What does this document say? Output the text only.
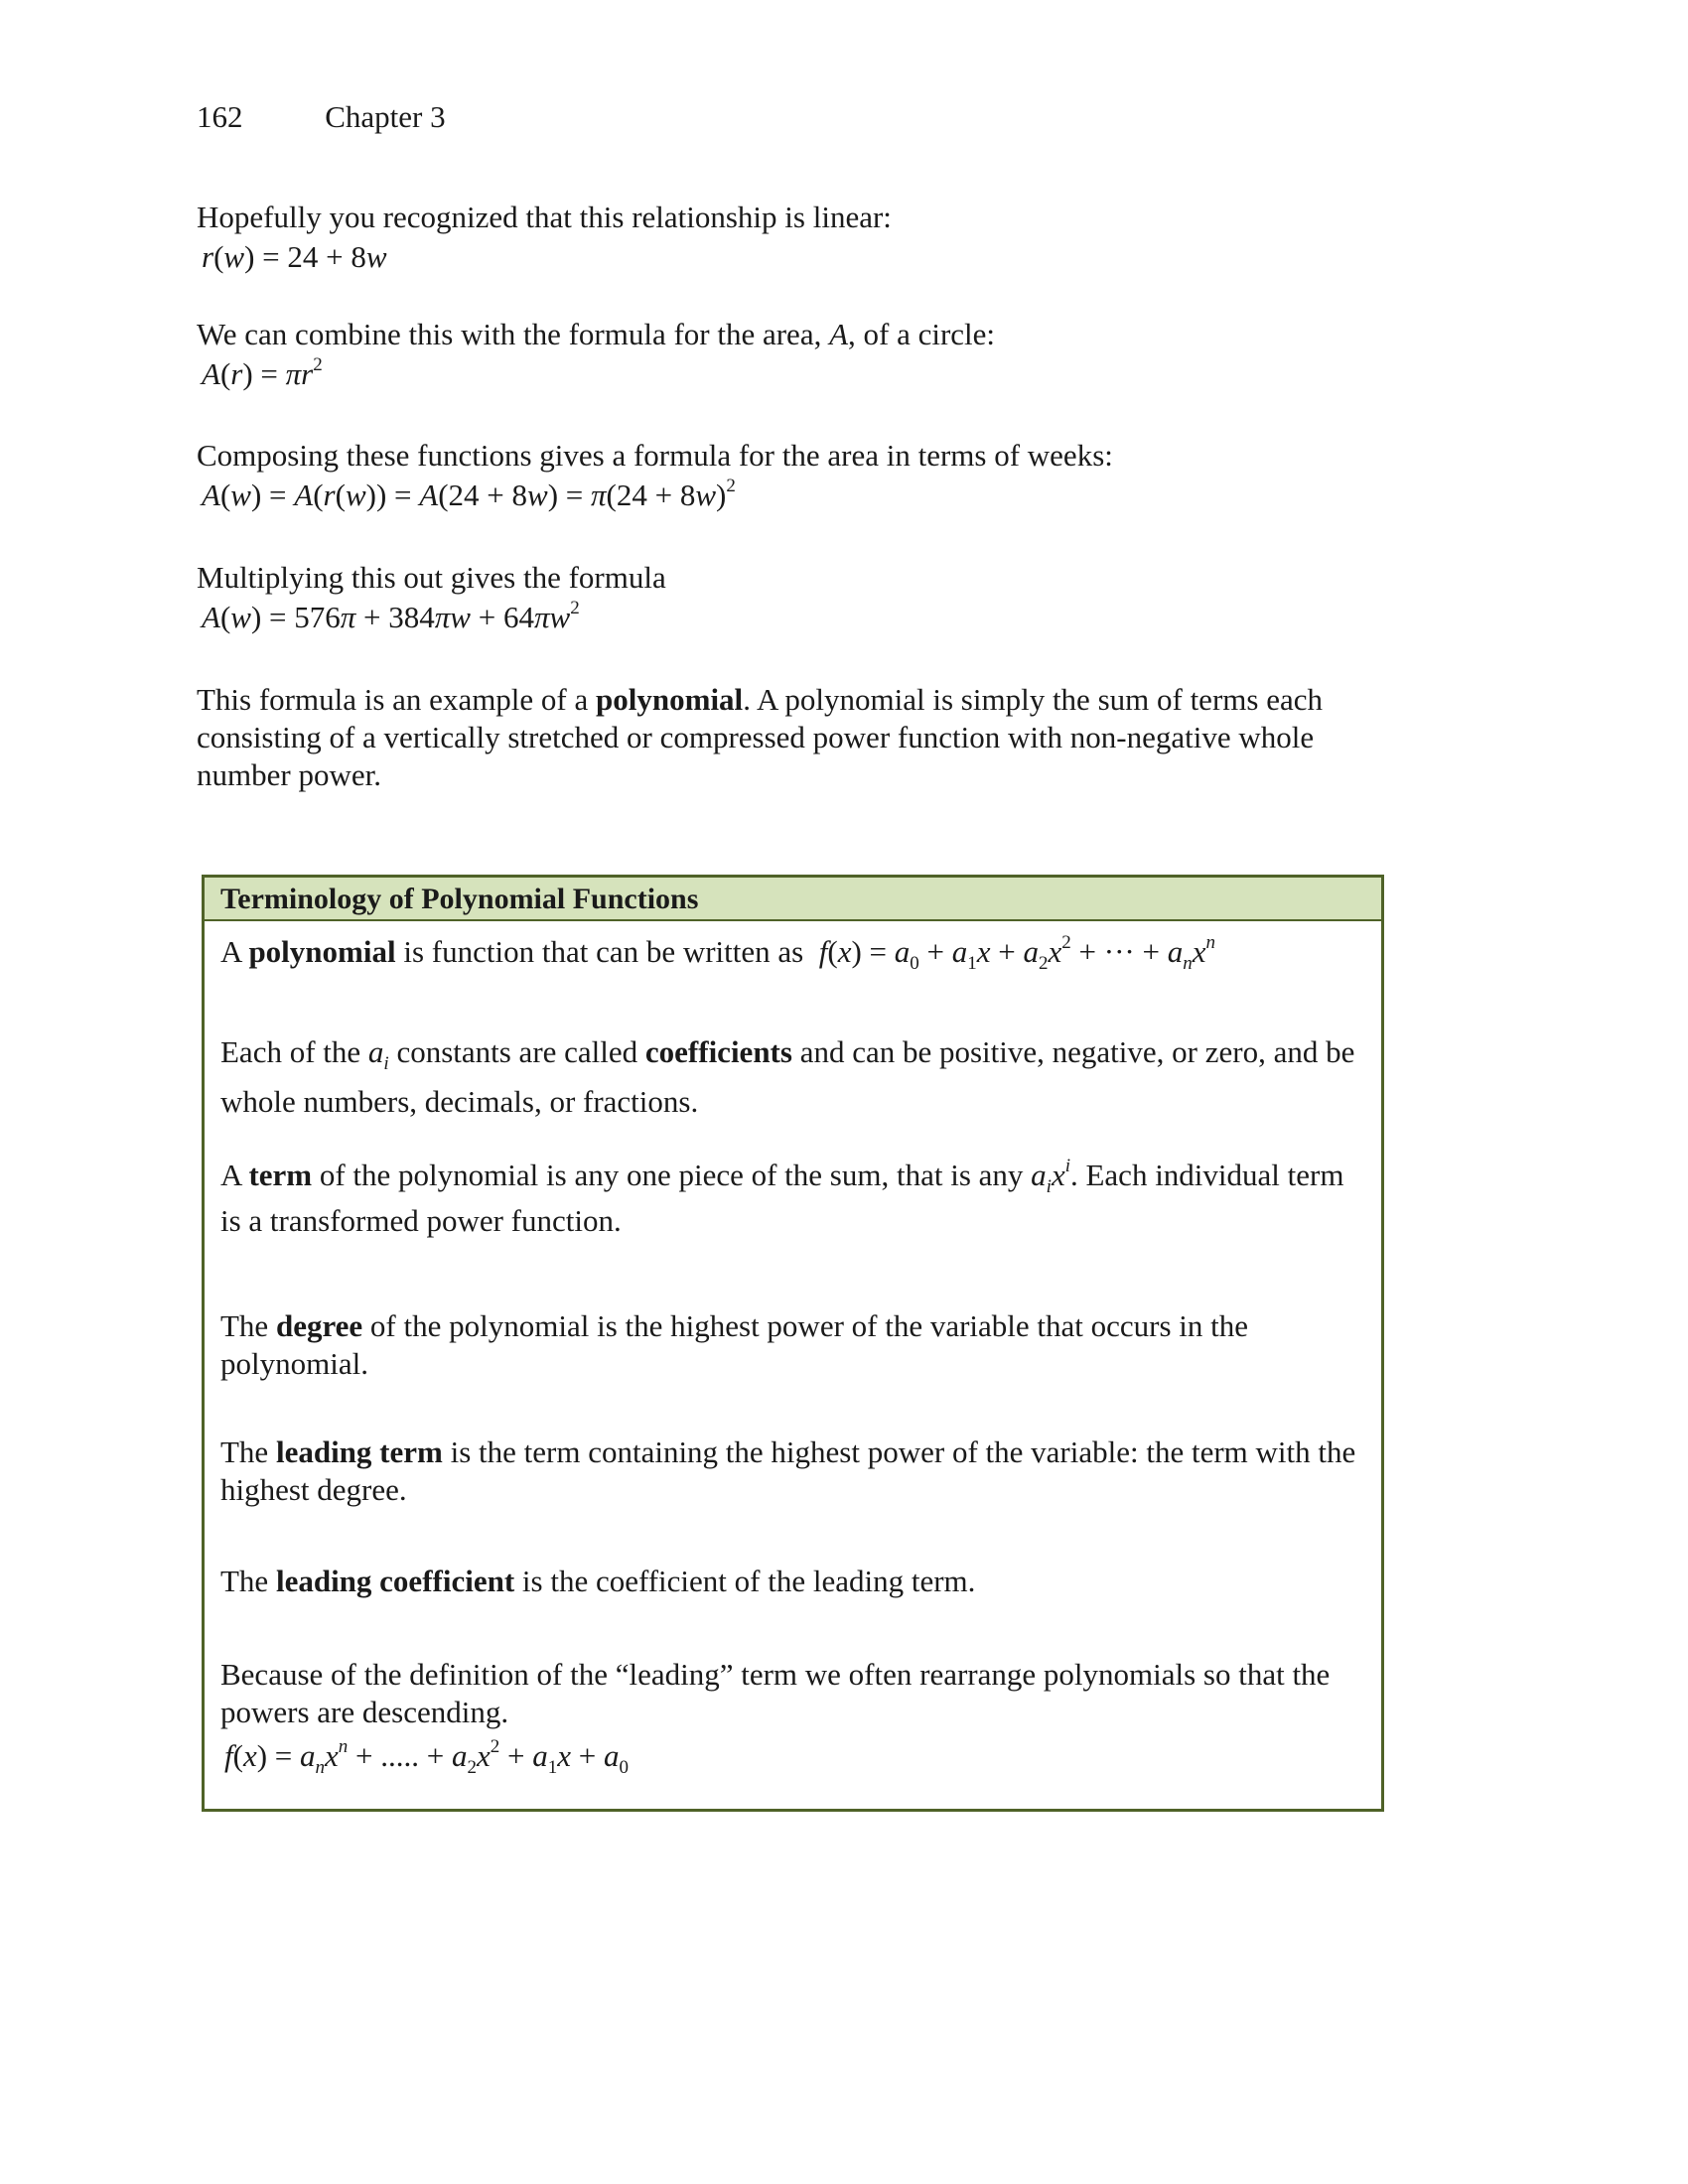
162	Chapter 3

Hopefully you recognized that this relationship is linear:

r(w) = 24 + 8w

We can combine this with the formula for the area, A, of a circle:

$A(r) = \pi r^2$

Composing these functions gives a formula for the area in terms of weeks:

$A(w) = A(r(w)) = A(24 + 8w) = \pi(24 + 8w)^2$

Multiplying this out gives the formula

$A(w) = 576\pi + 384\pi w + 64\pi w^2$

This formula is an example of a polynomial. A polynomial is simply the sum of terms each consisting of a vertically stretched or compressed power function with non-negative whole number power.

Terminology of Polynomial Functions
A polynomial is function that can be written as  $f(x) = a_0 + a_1x + a_2x^2$ + ··· + $a_nx^n$
Each of the $a_i$ constants are called coefficients and can be positive, negative, or zero, and be whole numbers, decimals, or fractions.
A term of the polynomial is any one piece of the sum, that is any $a_ix^i$. Each individual term is a transformed power function.
The degree of the polynomial is the highest power of the variable that occurs in the polynomial.
The leading term is the term containing the highest power of the variable: the term with the highest degree.
The leading coefficient is the coefficient of the leading term.
Because of the definition of the “leading” term we often rearrange polynomials so that the powers are descending.
$f(x) = a_nx^n$ + ..... + $a_2x^2 + a_1x + a_0$
